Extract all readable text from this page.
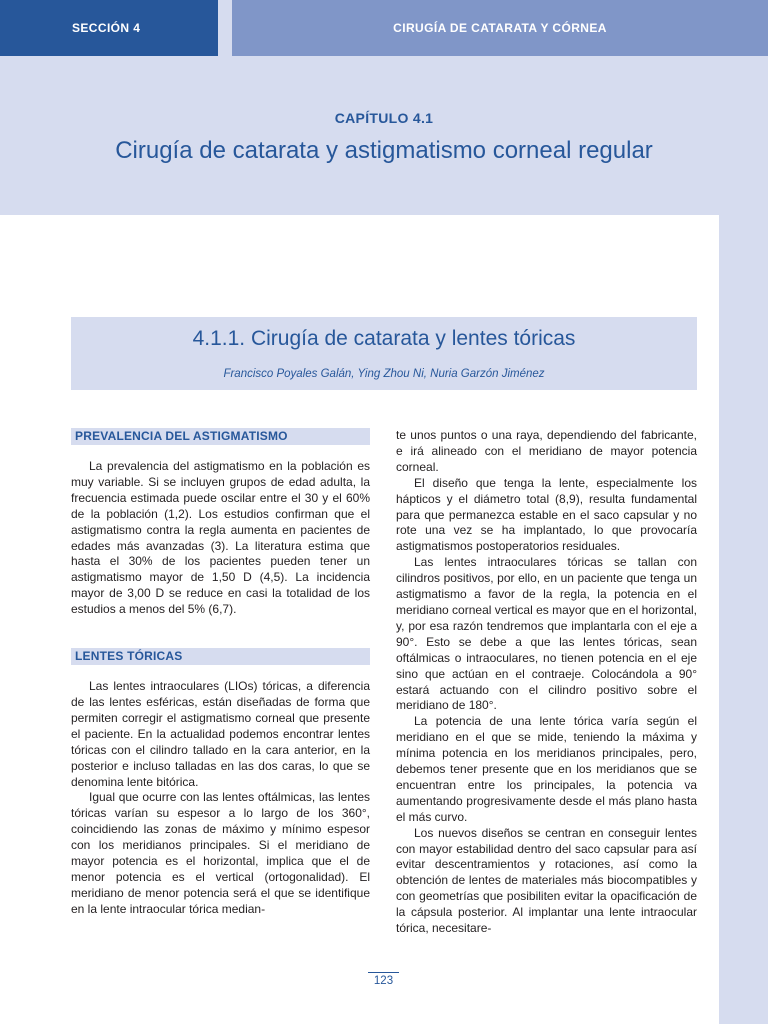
SECCIÓN 4	CIRUGÍA DE CATARATA Y CÓRNEA
CAPÍTULO 4.1
Cirugía de catarata y astigmatismo corneal regular
4.1.1. Cirugía de catarata y lentes tóricas
Francisco Poyales Galán, Ying Zhou Ni, Nuria Garzón Jiménez
PREVALENCIA DEL ASTIGMATISMO

La prevalencia del astigmatismo en la población es muy variable. Si se incluyen grupos de edad adulta, la frecuencia estimada puede oscilar entre el 30 y el 60% de la población (1,2). Los estudios confirman que el astigmatismo contra la regla aumenta en pacientes de edades más avanzadas (3). La literatura estima que hasta el 30% de los pacientes pueden tener un astigmatismo mayor de 1,50 D (4,5). La incidencia mayor de 3,00 D se reduce en casi la totalidad de los estudios a menos del 5% (6,7).

LENTES TÓRICAS

Las lentes intraoculares (LIOs) tóricas, a diferencia de las lentes esféricas, están diseñadas de forma que permiten corregir el astigmatismo corneal que presente el paciente. En la actualidad podemos encontrar lentes tóricas con el cilindro tallado en la cara anterior, en la posterior e incluso talladas en las dos caras, lo que se denomina lente bitórica.

Igual que ocurre con las lentes oftálmicas, las lentes tóricas varían su espesor a lo largo de los 360°, coincidiendo las zonas de máximo y mínimo espesor con los meridianos principales. Si el meridiano de mayor potencia es el horizontal, implica que el de menor potencia es el vertical (ortogonalidad). El meridiano de menor potencia será el que se identifique en la lente intraocular tórica median-

te unos puntos o una raya, dependiendo del fabricante, e irá alineado con el meridiano de mayor potencia corneal.

El diseño que tenga la lente, especialmente los hápticos y el diámetro total (8,9), resulta fundamental para que permanezca estable en el saco capsular y no rote una vez se ha implantado, lo que provocaría astigmatismos postoperatorios residuales.

Las lentes intraoculares tóricas se tallan con cilindros positivos, por ello, en un paciente que tenga un astigmatismo a favor de la regla, la potencia en el meridiano corneal vertical es mayor que en el horizontal, y, por esa razón tendremos que implantarla con el eje a 90°. Esto se debe a que las lentes tóricas, sean oftálmicas o intraoculares, no tienen potencia en el eje sino que actúan en el contraeje. Colocándola a 90° estará actuando con el cilindro positivo sobre el meridiano de 180°.

La potencia de una lente tórica varía según el meridiano en el que se mide, teniendo la máxima y mínima potencia en los meridianos principales, pero, debemos tener presente que en los meridianos que se encuentran entre los principales, la potencia va aumentando progresivamente desde el más plano hasta el más curvo.

Los nuevos diseños se centran en conseguir lentes con mayor estabilidad dentro del saco capsular para así evitar descentramientos y rotaciones, así como la obtención de lentes de materiales más biocompatibles y con geometrías que posibiliten evitar la opacificación de la cápsula posterior. Al implantar una lente intraocular tórica, necesitare-

123
